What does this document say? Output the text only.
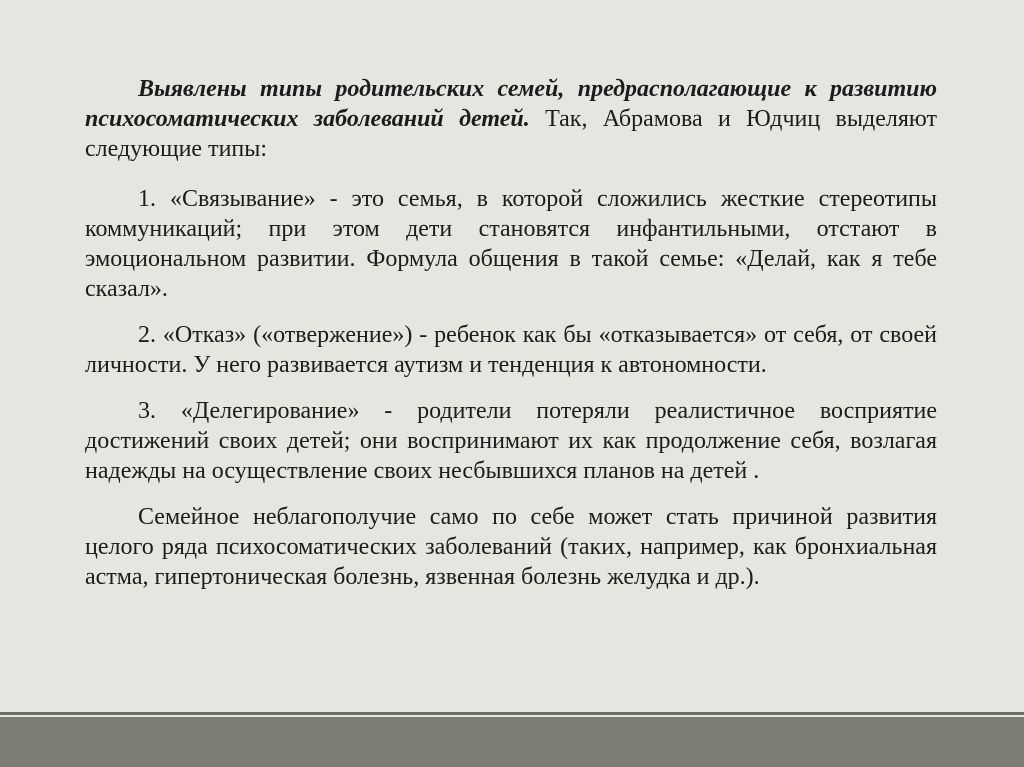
Выявлены типы родительских семей, предрасполагающие к развитию психосоматических заболеваний детей. Так, Абрамова и Юдчиц выделяют следующие типы:

1. «Связывание» - это семья, в которой сложились жесткие стереотипы коммуникаций; при этом дети становятся инфантильными, отстают в эмоциональном развитии. Формула общения в такой семье: «Делай, как я тебе сказал».

2. «Отказ» («отвержение») - ребенок как бы «отказывается» от себя, от своей личности. У него развивается аутизм и тенденция к автономности.

3. «Делегирование» - родители потеряли реалистичное восприятие достижений своих детей; они воспринимают их как продолжение себя, возлагая надежды на осуществление своих несбывшихся планов на детей .

Семейное неблагополучие само по себе может стать причиной развития целого ряда психосоматических заболеваний (таких, например, как бронхиальная астма, гипертоническая болезнь, язвенная болезнь желудка и др.).
